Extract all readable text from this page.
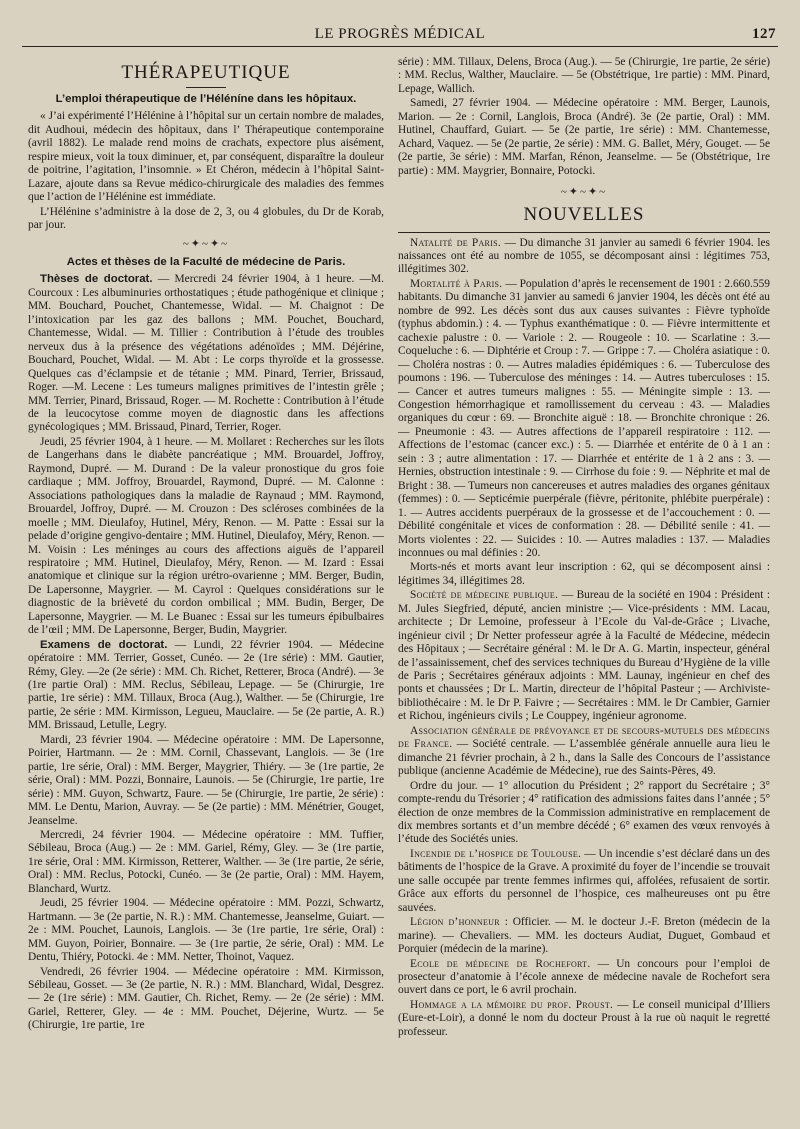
LE PROGRÈS MÉDICAL	127
THÉRAPEUTIQUE
L’emploi thérapeutique de l’Héléníne dans les hôpitaux.

« J’ai expérimenté l’Hélénine à l’hôpital sur un certain nombre de malades, dit Audhoui, médecin des hôpitaux, dans l’ Thérapeutique contemporaine (avril 1882). Le malade rend moins de crachats, expectore plus aisément, respire mieux, voit la toux diminuer, et, par conséquent, disparaître la douleur de poitrine, l’agitation, l’insomnie. » Et Chéron, médecin à l’hôpital Saint-Lazare, ajoute dans sa Revue médico-chirurgicale des maladies des femmes que l’action de l’Hélénine est immédiate.

L’Hélénine s’administre à la dose de 2, 3, ou 4 globules, du Dr de Korab, par jour.

~✦~✦~
Actes et thèses de la Faculté de médecine de Paris.

Thèses de doctorat. — Mercredi 24 février 1904, à 1 heure. —M. Courcoux : Les albuminuries orthostatiques ; étude pathogénique et clinique ; MM. Bouchard, Pouchet, Chantemesse, Widal. — M. Chaignot : De l’intoxication par les gaz des ballons ; MM. Pouchet, Bouchard, Chantemesse, Widal. — M. Tillier : Contribution à l’étude des troubles nerveux dus à la présence des végétations adénoïdes ; MM. Déjérine, Bouchard, Pouchet, Widal. — M. Abt : Le corps thyroïde et la grossesse. Quelques cas d’éclampsie et de tétanie ; MM. Pinard, Terrier, Brissaud, Roger. —M. Lecene : Les tumeurs malignes primitives de l’intestin grêle ; MM. Terrier, Pinard, Brissaud, Roger. — M. Rochette : Contribution à l’étude de la leucocytose comme moyen de diagnostic dans les affections gynécologiques ; MM. Brissaud, Pinard, Terrier, Roger.

Jeudi, 25 février 1904, à 1 heure. — M. Mollaret : Recherches sur les îlots de Langerhans dans le diabète pancréatique ; MM. Brouardel, Joffroy, Raymond, Dupré. — M. Durand : De la valeur pronostique du gros foie cardiaque ; MM. Joffroy, Brouardel, Raymond, Dupré. — M. Calonne : Associations pathologiques dans la maladie de Raynaud ; MM. Raymond, Brouardel, Joffroy, Dupré. — M. Crouzon : Des scléroses combinées de la moelle ; MM. Dieulafoy, Hutinel, Méry, Renon. — M. Patte : Essai sur la pelade d’origine gengivo-dentaire ; MM. Hutinel, Dieulafoy, Méry, Renon. — M. Voisin : Les méninges au cours des affections aiguës de l’appareil respiratoire ; MM. Hutinel, Dieulafoy, Méry, Renon. — M. Izard : Essai anatomique et clinique sur la région urétro-ovarienne ; MM. Berger, Budin, De Lapersonne, Maygrier. — M. Cayrol : Quelques considérations sur le diagnostic de la brièveté du cordon ombilical ; MM. Budin, Berger, De Lapersonne, Maygrier. — M. Le Buanec : Essai sur les tumeurs épibulbaires de l’œil ; MM. De Lapersonne, Berger, Budin, Maygrier.

Examens de doctorat. — Lundi, 22 février 1904. — Médecine opératoire : MM. Terrier, Gosset, Cunéo. — 2e (1re série) : MM. Gautier, Rémy, Gley. —2e (2e série) : MM. Ch. Richet, Retterer, Broca (André). — 3e (1re partie Oral) : MM. Reclus, Sébileau, Lepage. — 5e (Chirurgie, 1re partie, 1re série) : MM. Tillaux, Broca (Aug.), Walther. — 5e (Chirurgie, 1re partie, 2e série : MM. Kirmisson, Legueu, Mauclaire. — 5e (2e partie, A. R.) MM. Brissaud, Letulle, Legry.

Mardi, 23 février 1904. — Médecine opératoire : MM. De Lapersonne, Poirier, Hartmann. — 2e : MM. Cornil, Chassevant, Langlois. — 3e (1re partie, 1re série, Oral) : MM. Berger, Maygrier, Thiéry. — 3e (1re partie, 2e série, Oral) : MM. Pozzi, Bonnaire, Launois. — 5e (Chirurgie, 1re partie, 1re série) : MM. Guyon, Schwartz, Faure. — 5e (Chirurgie, 1re partie, 2e série) : MM. Le Dentu, Marion, Auvray. — 5e (2e partie) : MM. Ménétrier, Gouget, Jeanselme.

Mercredi, 24 février 1904. — Médecine opératoire : MM. Tuffier, Sébileau, Broca (Aug.) — 2e : MM. Gariel, Rémy, Gley. — 3e (1re partie, 1re série, Oral : MM. Kirmisson, Retterer, Walther. — 3e (1re partie, 2e série, Oral) : MM. Reclus, Potocki, Cunéo. — 3e (2e partie, Oral) : MM. Hayem, Blanchard, Wurtz.

Jeudi, 25 février 1904. — Médecine opératoire : MM. Pozzi, Schwartz, Hartmann. — 3e (2e partie, N. R.) : MM. Chantemesse, Jeanselme, Guiart. — 2e : MM. Pouchet, Launois, Langlois. — 3e (1re partie, 1re série, Oral) : MM. Guyon, Poirier, Bonnaire. — 3e (1re partie, 2e série, Oral) : MM. Le Dentu, Thiéry, Potocki. 4e : MM. Netter, Thoinot, Vaquez.

Vendredi, 26 février 1904. — Médecine opératoire : MM. Kirmisson, Sébileau, Gosset. — 3e (2e partie, N. R.) : MM. Blanchard, Widal, Desgrez. — 2e (1re série) : MM. Gautier, Ch. Richet, Remy. — 2e (2e série) : MM. Gariel, Retterer, Gley. — 4e : MM. Pouchet, Déjerine, Wurtz. — 5e (Chirurgie, 1re partie, 1re

série) : MM. Tillaux, Delens, Broca (Aug.). — 5e (Chirurgie, 1re partie, 2e série) : MM. Reclus, Walther, Mauclaire. — 5e (Obstétrique, 1re partie) : MM. Pinard, Lepage, Wallich.

Samedi, 27 février 1904. — Médecine opératoire : MM. Berger, Launois, Marion. — 2e : Cornil, Langlois, Broca (André). 3e (2e partie, Oral) : MM. Hutinel, Chauffard, Guiart. — 5e (2e partie, 1re série) : MM. Chantemesse, Achard, Vaquez. — 5e (2e partie, 2e série) : MM. G. Ballet, Méry, Gouget. — 5e (2e partie, 3e série) : MM. Marfan, Rénon, Jeanselme. — 5e (Obstétrique, 1re partie) : MM. Maygrier, Bonnaire, Potocki.

~✦~✦~
NOUVELLES

Natalité de Paris. — Du dimanche 31 janvier au samedi 6 février 1904. les naissances ont été au nombre de 1055, se décomposant ainsi : légitimes 753, illégitimes 302.

Mortalité à Paris. — Population d’après le recensement de 1901 : 2.660.559 habitants. Du dimanche 31 janvier au samedi 6 janvier 1904, les décès ont été au nombre de 992. Les décès sont dus aux causes suivantes : Fièvre typhoïde (typhus abdomin.) : 4. — Typhus exanthématique : 0. — Fièvre intermittente et cachexie palustre : 0. — Variole : 2. — Rougeole : 10. — Scarlatine : 3.— Coqueluche : 6. — Diphtérie et Croup : 7. — Grippe : 7. — Choléra asiatique : 0. — Choléra nostras : 0. — Autres maladies épidémiques : 6. — Tuberculose des poumons : 196. — Tuberculose des méninges : 14. — Autres tuberculoses : 15. — Cancer et autres tumeurs malignes : 55. — Méningite simple : 13. — Congestion hémorrhagique et ramollissement du cerveau : 43. — Maladies organiques du cœur : 69. — Bronchite aiguë : 18. — Bronchite chronique : 26. — Pneumonie : 43. — Autres affections de l’appareil respiratoire : 112. — Affections de l’estomac (cancer exc.) : 5. — Diarrhée et entérite de 0 à 1 an : sein : 3 ; autre alimentation : 17. — Diarrhée et entérite de 1 à 2 ans : 3. — Hernies, obstruction intestinale : 9. — Cirrhose du foie : 9. — Néphrite et mal de Bright : 38. — Tumeurs non cancereuses et autres maladies des organes génitaux (femmes) : 0. — Septicémie puerpérale (fièvre, péritonite, phlébite puerpérale) : 1. — Autres accidents puerpéraux de la grossesse et de l’accouchement : 0. — Débilité congénitale et vices de conformation : 28. — Débilité senile : 41. — Morts violentes : 22. — Suicides : 10. — Autres maladies : 137. — Maladies inconnues ou mal définies : 20.

Morts-nés et morts avant leur inscription : 62, qui se décomposent ainsi : légitimes 34, illégitimes 28.

Société de médecine publique. — Bureau de la société en 1904 : Président : M. Jules Siegfried, député, ancien ministre ;— Vice-présidents : MM. Lacau, architecte ; Dr Lemoine, professeur à l’Ecole du Val-de-Grâce ; Livache, ingénieur civil ; Dr Netter professeur agrée à la Faculté de Médecine, médecin des Hôpitaux ; — Secrétaire général : M. le Dr A. G. Martin, inspecteur, général de l’assainissement, chef des services techniques du Bureau d’Hygiène de la ville de Paris ; Secrétaires généraux adjoints : MM. Launay, ingénieur en chef des ponts et chaussées ; Dr L. Martin, directeur de l’hôpital Pasteur ; — Archiviste-bibliothécaire : M. le Dr P. Faivre ; — Secrétaires : MM. le Dr Cambier, Garnier et Richou, ingénieurs civils ; Le Couppey, ingénieur agronome.

Association générale de prévoyance et de secours-mutuels des médecins de France. — Société centrale. — L’assemblée générale annuelle aura lieu le dimanche 21 février prochain, à 2 h., dans la Salle des Concours de l’assistance publique (ancienne Académie de Médecine), rue des Saints-Pères, 49.

Ordre du jour. — 1° allocution du Président ; 2° rapport du Secrétaire ; 3° compte-rendu du Trésorier ; 4° ratification des admissions faites dans l’année ; 5° élection de onze membres de la Commission administrative en remplacement de dix membres sortants et d’un membre décédé ; 6° examen des vœux renvoyés à l’étude des Sociétés unies.

Incendie de l’hospice de Toulouse. — Un incendie s’est déclaré dans un des bâtiments de l’hospice de la Grave. A proximité du foyer de l’incendie se trouvait une salle occupée par trente femmes infirmes qui, affolées, refusaient de sortir. Grâce aux efforts du personnel de l’hospice, ces malheureuses ont pu être sauvées.

Légion d’honneur : Officier. — M. le docteur J.-F. Breton (médecin de la marine). — Chevaliers. — MM. les docteurs Audiat, Duguet, Gombaud et Porquier (médecin de la marine).

Ecole de médecine de Rochefort. — Un concours pour l’emploi de prosecteur d’anatomie à l’école annexe de médecine navale de Rochefort sera ouvert dans ce port, le 6 avril prochain.

Hommage a la mémoire du prof. Proust. — Le conseil municipal d’Illiers (Eure-et-Loir), a donné le nom du docteur Proust à la rue où naquit le regretté professeur.
